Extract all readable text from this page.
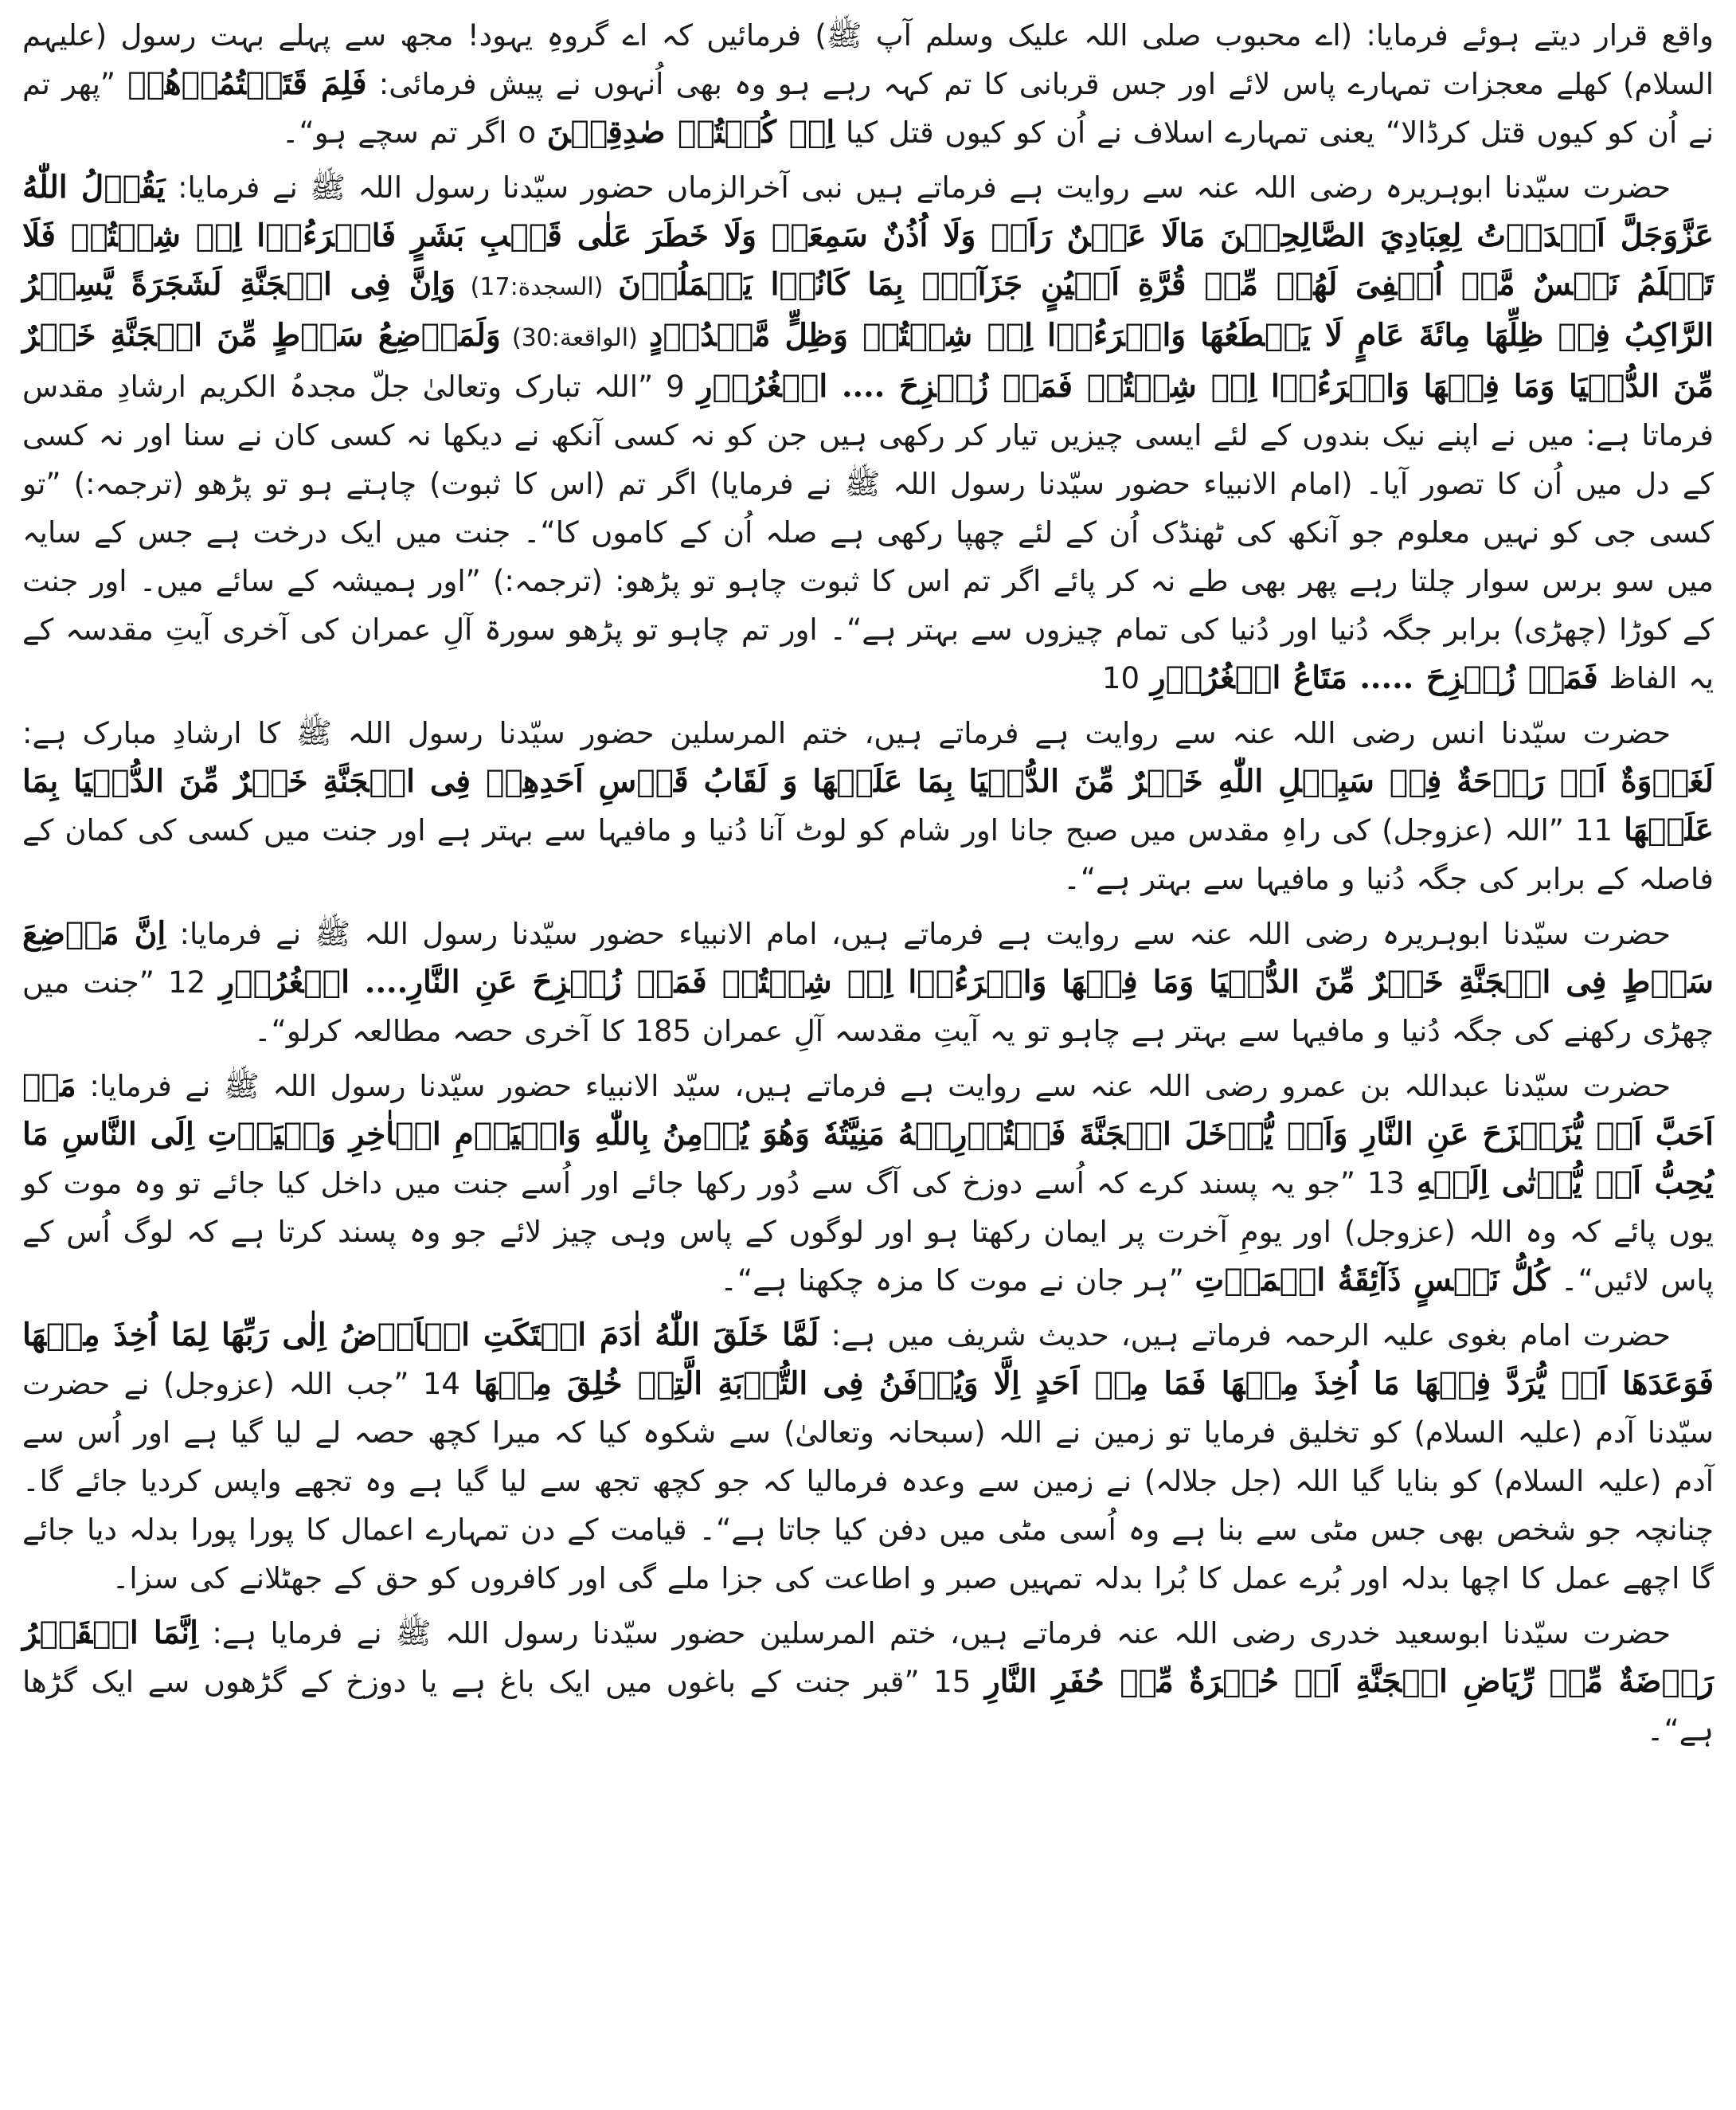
واقع قرار دیتے ہوئے فرمایا: (اے محبوب صلی اللہ علیک وسلم آپ ﷺ) فرمائیں کہ اے گروہِ یہود! مجھ سے پہلے بہت رسول (علیہم السلام) کھلے معجزات تمہارے پاس لائے اور جس قربانی کا تم کہہ رہے ہو وہ بھی اُنہوں نے پیش فرمائی: فَلِمَ قَتَلۡتُمُوۡهُمۡ ”پھر تم نے اُن کو کیوں قتل کرڈالا“ یعنی تمہارے اسلاف نے اُن کو کیوں قتل کیا اِنۡ كُنۡتُمۡ صٰدِقِيۡنَ o اگر تم سچے ہو“۔

حضرت سیّدنا ابوہریرہ رضی اللہ عنہ سے روایت ہے فرماتے ہیں نبی آخرالزماں حضور سیّدنا رسول اللہ ﷺ نے فرمایا: يَقُوۡلُ اللّٰهُ عَزَّوَجَلَّ اَعۡدَدۡتُ لِعِبَادِيَ الصَّالِحِيۡنَ مَالَا عَيۡنٌ رَاَتۡ وَلَا اُذُنٌ سَمِعَتۡ وَلَا خَطَرَ عَلٰى قَلۡبِ بَشَرٍ فَاقۡرَءُوۡا اِنۡ شِئۡتُمۡ فَلَا تَعۡلَمُ نَفۡسٌ مَّاۤ اُخۡفِىَ لَهُمۡ مِّنۡ قُرَّةِ اَعۡيُنٍ جَزَآءًۢ بِمَا كَانُوۡا يَعۡمَلُوۡنَ (السجدة:17) وَاِنَّ فِى الۡجَنَّةِ لَشَجَرَةً يَّسِيۡرُ الرَّاكِبُ فِىۡ ظِلِّهَا مِائَةَ عَامٍ لَا يَقۡطَعُهَا وَاقۡرَءُوۡا اِنۡ شِئۡتُمۡ وَظِلٍّ مَّمۡدُوۡدٍ (الواقعة:30) وَلَمَوۡضِعُ سَوۡطٍ مِّنَ الۡجَنَّةِ خَيۡرٌ مِّنَ الدُّنۡيَا وَمَا فِيۡهَا وَاقۡرَءُوۡا اِنۡ شِئۡتُمۡ فَمَنۡ زُحۡزِحَ .... الۡغُرُوۡرِ 9 ”اللہ تبارک وتعالیٰ جلّ مجدہُ الکریم ارشادِ مقدس فرماتا ہے: میں نے اپنے نیک بندوں کے لئے ایسی چیزیں تیار کر رکھی ہیں جن کو نہ کسی آنکھ نے دیکھا نہ کسی کان نے سنا اور نہ کسی کے دل میں اُن کا تصور آیا۔ (امام الانبیاء حضور سیّدنا رسول اللہ ﷺ نے فرمایا) اگر تم (اس کا ثبوت) چاہتے ہو تو پڑھو (ترجمہ:) ”تو کسی جی کو نہیں معلوم جو آنکھ کی ٹھنڈک اُن کے لئے چھپا رکھی ہے صلہ اُن کے کاموں کا“۔ جنت میں ایک درخت ہے جس کے سایہ میں سو برس سوار چلتا رہے پھر بھی طے نہ کر پائے اگر تم اس کا ثبوت چاہو تو پڑھو: (ترجمہ:) ”اور ہمیشہ کے سائے میں۔ اور جنت کے کوڑا (چھڑی) برابر جگہ دُنیا اور دُنیا کی تمام چیزوں سے بہتر ہے“۔ اور تم چاہو تو پڑھو سورۃ آلِ عمران کی آخری آیتِ مقدسہ کے یہ الفاظ فَمَنۡ زُحۡزِحَ ..... مَتَاعُ الۡغُرُوۡرِ 10

حضرت سیّدنا انس رضی اللہ عنہ سے روایت ہے فرماتے ہیں، ختم المرسلین حضور سیّدنا رسول اللہ ﷺ کا ارشادِ مبارک ہے: لَغَدۡوَةٌ اَوۡ رَوۡحَةٌ فِىۡ سَبِيۡلِ اللّٰهِ خَيۡرٌ مِّنَ الدُّنۡيَا بِمَا عَلَيۡهَا وَ لَقَابُ قَوۡسِ اَحَدِهِمۡ فِى الۡجَنَّةِ خَيۡرٌ مِّنَ الدُّنۡيَا بِمَا عَلَيۡهَا 11 ”اللہ (عزوجل) کی راہِ مقدس میں صبح جانا اور شام کو لوٹ آنا دُنیا و مافیہا سے بہتر ہے اور جنت میں کسی کی کمان کے فاصلہ کے برابر کی جگہ دُنیا و مافیہا سے بہتر ہے“۔

حضرت سیّدنا ابوہریرہ رضی اللہ عنہ سے روایت ہے فرماتے ہیں، امام الانبیاء حضور سیّدنا رسول اللہ ﷺ نے فرمایا: اِنَّ مَوۡضِعَ سَوۡطٍ فِى الۡجَنَّةِ خَيۡرٌ مِّنَ الدُّنۡيَا وَمَا فِيۡهَا وَاقۡرَءُوۡا اِنۡ شِئۡتُمۡ فَمَنۡ زُحۡزِحَ عَنِ النَّارِ.... الۡغُرُوۡرِ 12 ”جنت میں چھڑی رکھنے کی جگہ دُنیا و مافیہا سے بہتر ہے چاہو تو یہ آیتِ مقدسہ آلِ عمران 185 کا آخری حصہ مطالعہ کرلو“۔

حضرت سیّدنا عبداللہ بن عمرو رضی اللہ عنہ سے روایت ہے فرماتے ہیں، سیّد الانبیاء حضور سیّدنا رسول اللہ ﷺ نے فرمایا: مَنۡ اَحَبَّ اَنۡ يُّزَحۡزَحَ عَنِ النَّارِ وَاَنۡ يُّدۡخَلَ الۡجَنَّةَ فَلۡتُدۡرِكۡهُ مَنِيَّتُهٗ وَهُوَ يُؤۡمِنُ بِاللّٰهِ وَالۡيَوۡمِ الۡاٰخِرِ وَلۡيَاۡتِ اِلَى النَّاسِ مَا يُحِبُّ اَنۡ يُّؤۡتٰى اِلَيۡهِ 13 ”جو یہ پسند کرے کہ اُسے دوزخ کی آگ سے دُور رکھا جائے اور اُسے جنت میں داخل کیا جائے تو وہ موت کو یوں پائے کہ وہ اللہ (عزوجل) اور یومِ آخرت پر ایمان رکھتا ہو اور لوگوں کے پاس وہی چیز لائے جو وہ پسند کرتا ہے کہ لوگ اُس کے پاس لائیں“۔ كُلُّ نَفۡسٍ ذَآئِقَةُ الۡمَوۡتِ ”ہر جان نے موت کا مزہ چکھنا ہے“۔

حضرت امام بغوی علیہ الرحمہ فرماتے ہیں، حدیث شریف میں ہے: لَمَّا خَلَقَ اللّٰهُ اٰدَمَ اشۡتَكَتِ الۡاَرۡضُ اِلٰى رَبِّهَا لِمَا اُخِذَ مِنۡهَا فَوَعَدَهَا اَنۡ يُّرَدَّ فِيۡهَا مَا اُخِذَ مِنۡهَا فَمَا مِنۡ اَحَدٍ اِلَّا وَيُدۡفَنُ فِى التُّرۡبَةِ الَّتِىۡ خُلِقَ مِنۡهَا 14 ”جب اللہ (عزوجل) نے حضرت سیّدنا آدم (علیہ السلام) کو تخلیق فرمایا تو زمین نے اللہ (سبحانہ وتعالیٰ) سے شکوہ کیا کہ میرا کچھ حصہ لے لیا گیا ہے اور اُس سے آدم (علیہ السلام) کو بنایا گیا اللہ (جل جلالہ) نے زمین سے وعدہ فرمالیا کہ جو کچھ تجھ سے لیا گیا ہے وہ تجھے واپس کردیا جائے گا۔ چنانچہ جو شخص بھی جس مٹی سے بنا ہے وہ اُسی مٹی میں دفن کیا جاتا ہے“۔ قیامت کے دن تمہارے اعمال کا پورا پورا بدلہ دیا جائے گا اچھے عمل کا اچھا بدلہ اور بُرے عمل کا بُرا بدلہ تمہیں صبر و اطاعت کی جزا ملے گی اور کافروں کو حق کے جھٹلانے کی سزا۔

حضرت سیّدنا ابوسعید خدری رضی اللہ عنہ فرماتے ہیں، ختم المرسلین حضور سیّدنا رسول اللہ ﷺ نے فرمایا ہے: اِنَّمَا الۡقَبۡرُ رَوۡضَةٌ مِّنۡ رِّيَاضِ الۡجَنَّةِ اَوۡ حُفۡرَةٌ مِّنۡ حُفَرِ النَّارِ 15 ”قبر جنت کے باغوں میں ایک باغ ہے یا دوزخ کے گڑھوں سے ایک گڑھا ہے“۔
